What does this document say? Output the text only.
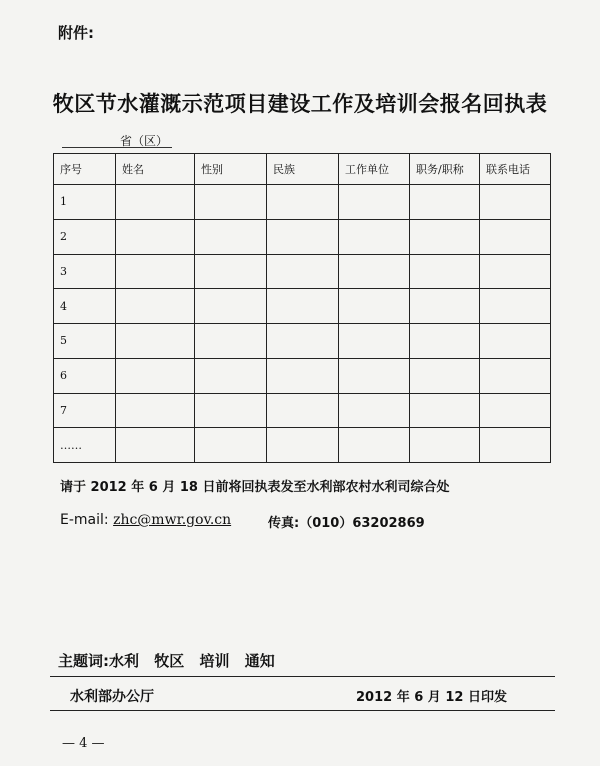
附件:
牧区节水灌溉示范项目建设工作及培训会报名回执表
省（区）
序号	姓名	性别	民族	工作单位	职务/职称	联系电话
1						
2						
3						
4						
5						
6						
7						
……						
请于 2012 年 6 月 18 日前将回执表发至水利部农村水利司综合处
E-mail: zhc@mwr.gov.cn	传真:（010）63202869
主题词:水利 牧区 培训 通知
水利部办公厅	2012 年 6 月 12 日印发
— 4 —
